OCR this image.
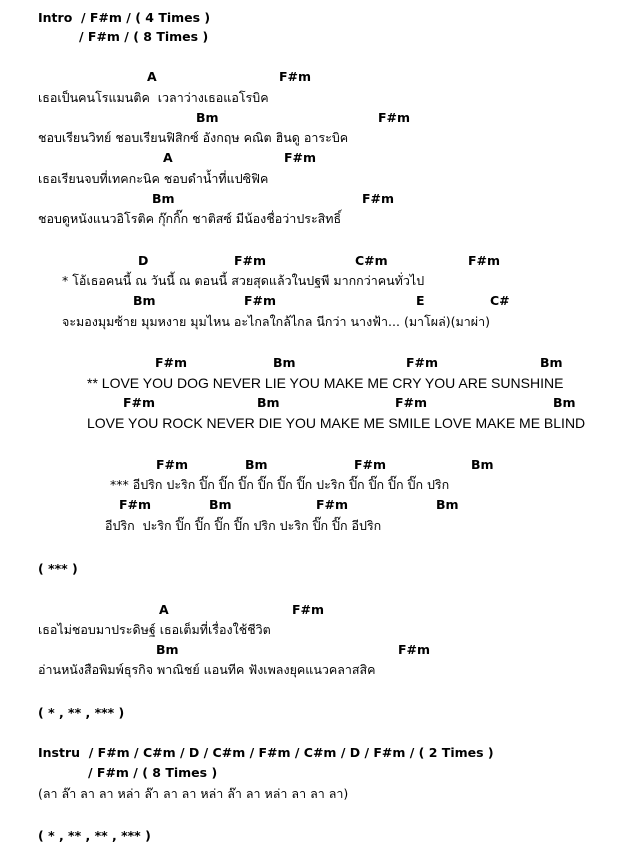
Intro  / F#m / ( 4 Times )
/ F#m / ( 8 Times )
A	F#m
เธอเป็นคนโรแมนติค  เวลาว่างเธอแอโรบิค
Bm	F#m
ชอบเรียนวิทย์ ชอบเรียนฟิสิกซ์ อังกฤษ คณิต ฮินดู อาระบิค
A	F#m
เธอเรียนจบที่เทคกะนิค ชอบดำน้ำที่แปซิฟิค
Bm	F#m
ชอบดูหนังแนวอิโรติค กุ๊กกิ๊ก ชาติสซ์ มีน้องชื่อว่าประสิทธิ์
D	F#m	C#m	F#m
* โอ้เธอคนนี้ ณ วันนี้ ณ ตอนนี้ สวยสุดแล้วในปฐพี มากกว่าคนทั่วไป
Bm	F#m	E	C#
จะมองมุมซ้าย มุมหงาย มุมไหน อะไกลใกล้ไกล นีกว่า นางฟ้า... (มาโผล่)(มาผ่า)
F#m	Bm	F#m	Bm
** LOVE YOU DOG NEVER LIE YOU MAKE ME CRY YOU ARE SUNSHINE
F#m	Bm	F#m	Bm
LOVE YOU ROCK NEVER DIE YOU MAKE ME SMILE LOVE MAKE ME BLIND
F#m	Bm	F#m	Bm
*** อีปริก ปะริก ปิ๊ก ปิ๊ก ปิ๊ก ปิ๊ก ปิ๊ก ปิ๊ก ปะริก ปิ๊ก ปิ๊ก ปิ๊ก ปิ๊ก ปริก
F#m	Bm	F#m	Bm
อีปริก  ปะริก ปิ๊ก ปิ๊ก ปิ๊ก ปิ๊ก ปริก ปะริก ปิ๊ก ปิ๊ก อีปริก
( *** )
A	F#m
เธอไม่ชอบมาประดิษฐ์ เธอเต็มที่เรื่องใช้ชีวิต
Bm	F#m
อ่านหนังสือพิมพ์ธุรกิจ พาณิชย์ แอนทีค ฟังเพลงยุคแนวคลาสสิค
( * , ** , *** )
Instru  / F#m / C#m / D / C#m / F#m / C#m / D / F#m / ( 2 Times )
/ F#m / ( 8 Times )
(ลา ล๊า ลา ลา หล่า ล๊า ลา ลา หล่า ล๊า ลา หล่า ลา ลา ลา)
( * , ** , ** , *** )
